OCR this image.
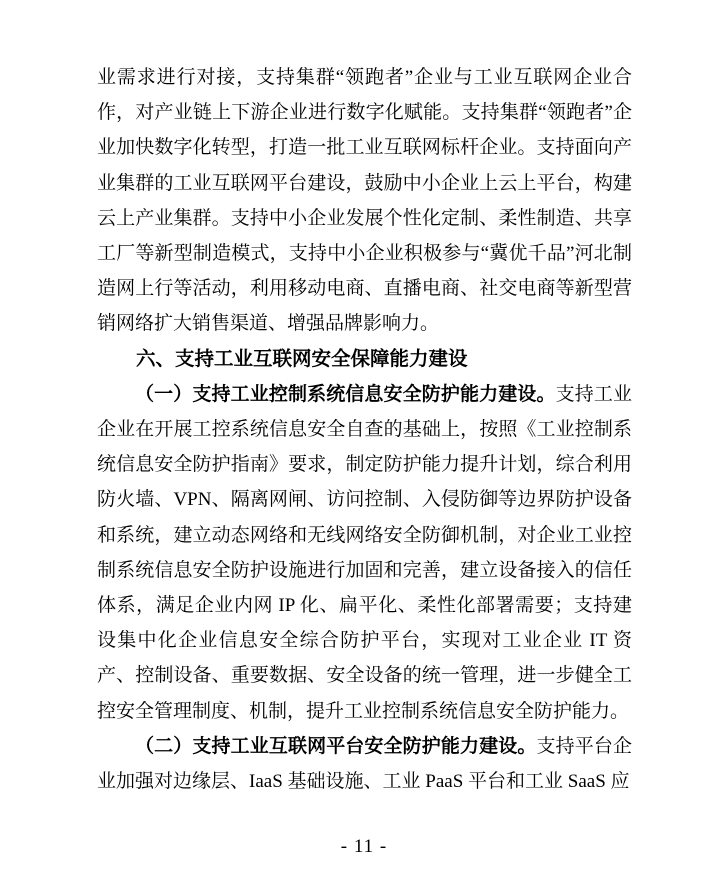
业需求进行对接，支持集群“领跑者”企业与工业互联网企业合作，对产业链上下游企业进行数字化赋能。支持集群“领跑者”企业加快数字化转型，打造一批工业互联网标杆企业。支持面向产业集群的工业互联网平台建设，鼓励中小企业上云上平台，构建云上产业集群。支持中小企业发展个性化定制、柔性制造、共享工厂等新型制造模式，支持中小企业积极参与“冀优千品”河北制造网上行等活动，利用移动电商、直播电商、社交电商等新型营销网络扩大销售渠道、增强品牌影响力。

六、支持工业互联网安全保障能力建设

（一）支持工业控制系统信息安全防护能力建设。支持工业企业在开展工控系统信息安全自查的基础上，按照《工业控制系统信息安全防护指南》要求，制定防护能力提升计划，综合利用防火墙、VPN、隔离网闸、访问控制、入侵防御等边界防护设备和系统，建立动态网络和无线网络安全防御机制，对企业工业控制系统信息安全防护设施进行加固和完善，建立设备接入的信任体系，满足企业内网 IP 化、扁平化、柔性化部署需要；支持建设集中化企业信息安全综合防护平台，实现对工业企业 IT 资产、控制设备、重要数据、安全设备的统一管理，进一步健全工控安全管理制度、机制，提升工业控制系统信息安全防护能力。

（二）支持工业互联网平台安全防护能力建设。支持平台企业加强对边缘层、IaaS 基础设施、工业 PaaS 平台和工业 SaaS 应

- 11 -
